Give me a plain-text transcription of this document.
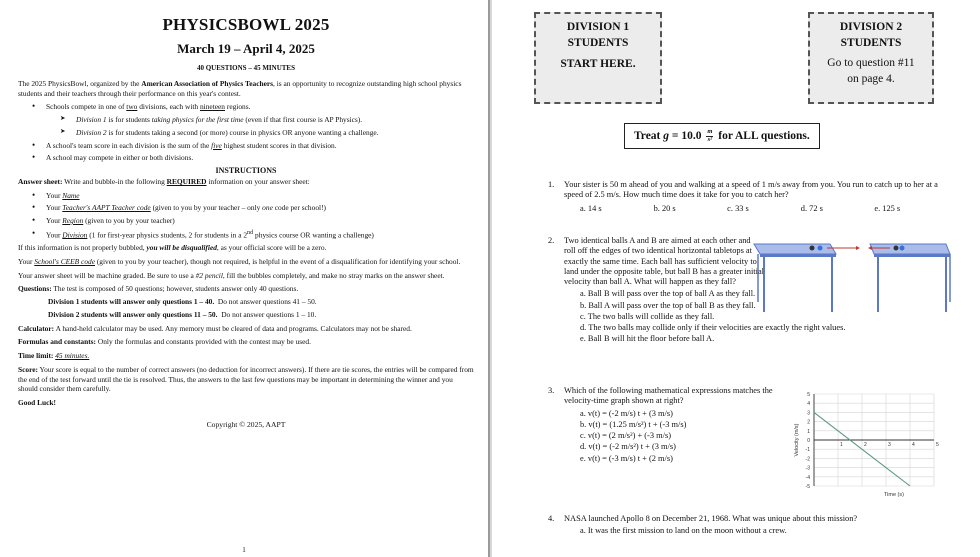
PHYSICSBOWL 2025
March 19 – April 4, 2025
40 QUESTIONS – 45 MINUTES
The 2025 PhysicsBowl, organized by the American Association of Physics Teachers, is an opportunity to recognize outstanding high school physics students and their teachers through their performance on this year's contest.
• Schools compete in one of two divisions, each with nineteen regions.
➤ Division 1 is for students taking physics for the first time (even if that first course is AP Physics).
➤ Division 2 is for students taking a second (or more) course in physics OR anyone wanting a challenge.
• A school's team score in each division is the sum of the five highest student scores in that division.
• A school may compete in either or both divisions.
INSTRUCTIONS
Answer sheet: Write and bubble-in the following REQUIRED information on your answer sheet:
• Your Name
• Your Teacher's AAPT Teacher code (given to you by your teacher – only one code per school!)
• Your Region (given to you by your teacher)
• Your Division (1 for first-year physics students, 2 for students in a 2nd physics course OR wanting a challenge)
If this information is not properly bubbled, you will be disqualified, as your official score will be a zero.
Your School's CEEB code (given to you by your teacher), though not required, is helpful in the event of a disqualification for identifying your school.
Your answer sheet will be machine graded. Be sure to use a #2 pencil, fill the bubbles completely, and make no stray marks on the answer sheet.
Questions: The test is composed of 50 questions; however, students answer only 40 questions.
Division 1 students will answer only questions 1 – 40. Do not answer questions 41 – 50.
Division 2 students will answer only questions 11 – 50. Do not answer questions 1 – 10.
Calculator: A hand-held calculator may be used. Any memory must be cleared of data and programs. Calculators may not be shared.
Formulas and constants: Only the formulas and constants provided with the contest may be used.
Time limit: 45 minutes.
Score: Your score is equal to the number of correct answers (no deduction for incorrect answers). If there are tie scores, the entries will be compared from the end of the test forward until the tie is resolved. Thus, the answers to the last few questions may be important in determining the winner and you should consider them carefully.
Good Luck!
Copyright © 2025, AAPT
1
DIVISION 1
STUDENTS
START HERE.
DIVISION 2
STUDENTS
Go to question #11
on page 4.
Treat $g = 10.0 \frac{m}{\text{s²}}$ for ALL questions.
1. Your sister is 50 m ahead of you and walking at a speed of 1 m/s away from you. You run to catch up to her at a speed of 2.5 m/s. How much time does it take for you to catch her?
a. 14 s	b. 20 s	c. 33 s	d. 72 s	e. 125 s
2. Two identical balls A and B are aimed at each other and roll off the edges of two identical horizontal tabletops at exactly the same time. Each ball has sufficient velocity to land under the opposite table, but ball B has a greater initial velocity than ball A. What will happen as they fall?
a. Ball B will pass over the top of ball A as they fall.
b. Ball A will pass over the top of ball B as they fall.
c. The two balls will collide as they fall.
d. The two balls may collide only if their velocities are exactly the right values.
e. Ball B will hit the floor before ball A.
3. Which of the following mathematical expressions matches the velocity-time graph shown at right?
a. v(t) = (-2 m/s) t + (3 m/s)
b. v(t) = (1.25 m/s²) t + (-3 m/s)
c. v(t) = (2 m/s²) + (-3 m/s)
d. v(t) = (-2 m/s²) t + (3 m/s)
e. v(t) = (-3 m/s) t + (2 m/s)
5
4
3
2
1
0
-1
-2
-3
-4
-5
1	2	3	4	5
Velocity (m/s)
Time (s)
4. NASA launched Apollo 8 on December 21, 1968. What was unique about this mission?
a. It was the first mission to land on the moon without a crew.
